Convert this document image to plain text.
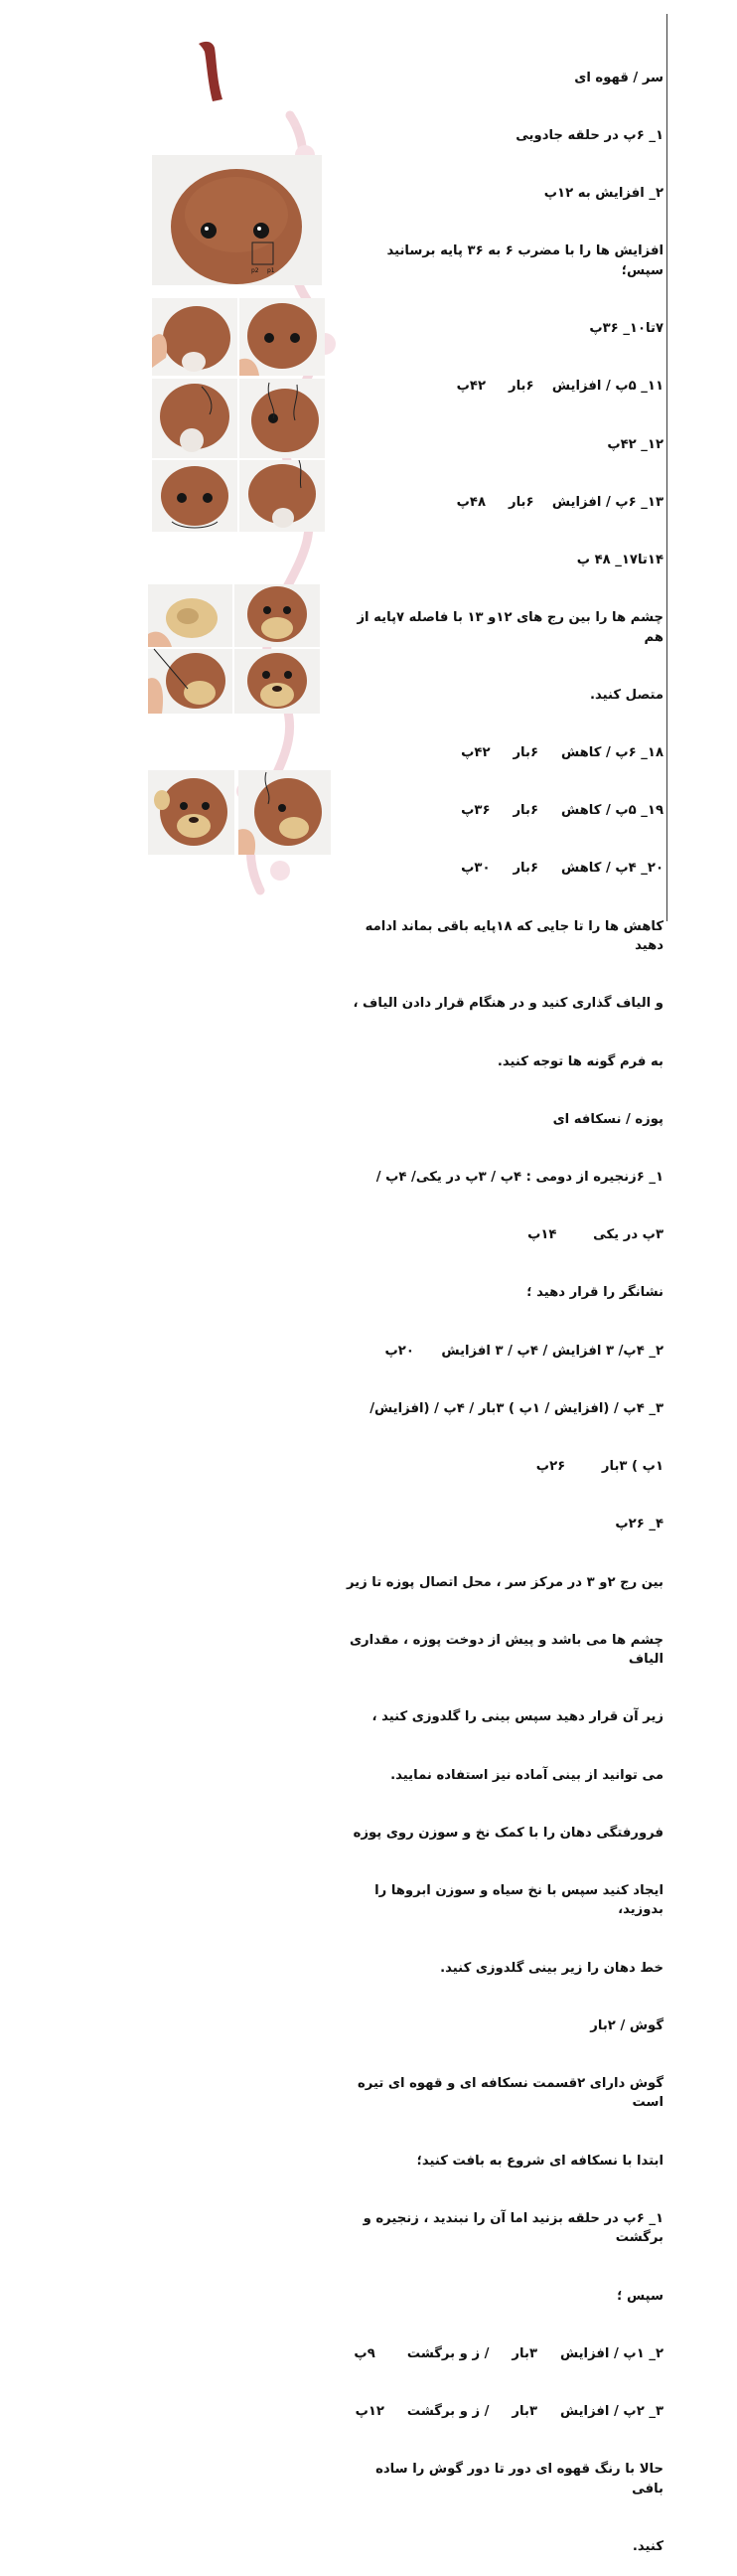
سر / قهوه ای

۱_ ۶پ در حلقه جادویی

۲_ افزایش به ۱۲پ

افزایش ها را با مضرب ۶ به ۳۶ پایه برسانید سپس؛

۷تا۱۰_ ۳۶پ

۱۱_ ۵پ / افزایش    ۶بار     ۴۲پ

۱۲_ ۴۲پ

۱۳_ ۶پ / افزایش    ۶بار     ۴۸پ

۱۴تا۱۷_ ۴۸ پ

چشم ها را بین رج های ۱۲و ۱۳ با فاصله ۷پایه از هم

متصل کنید.

۱۸_ ۶پ / کاهش     ۶بار     ۴۲پ

۱۹_ ۵پ / کاهش     ۶بار     ۳۶پ

۲۰_ ۴پ / کاهش     ۶بار     ۳۰پ

کاهش ها را تا جایی که ۱۸پایه باقی بماند ادامه دهید

و الیاف گذاری کنید و در هنگام قرار دادن الیاف ،

به فرم گونه ها توجه کنید.

پوزه / نسکافه ای

۱_ ۶زنجیره از دومی : ۴پ / ۳پ در یکی/ ۴پ /

۳پ در یکی        ۱۴پ

نشانگر را قرار دهید ؛

۲_ ۴پ/ ۳ افزایش / ۴پ / ۳ افزایش      ۲۰پ

۳_ ۴پ / (افزایش / ۱پ ) ۳بار / ۴پ / (افزایش/

۱پ ) ۳بار        ۲۶پ

۴_ ۲۶پ

بین رج ۲و ۳ در مرکز سر ، محل اتصال پوزه تا زیر

چشم ها می باشد و پیش از دوخت پوزه ، مقداری الیاف

زیر آن قرار دهید سپس بینی را گلدوزی کنید ،

می توانید از بینی آماده نیز استفاده نمایید.

فرورفتگی دهان را با کمک نخ و سوزن روی پوزه

ایجاد کنید سپس با نخ سیاه و سوزن ابروها را بدوزید،

خط دهان را زیر بینی گلدوزی کنید.

گوش / ۲بار

گوش دارای ۲قسمت نسکافه ای و قهوه ای تیره است

ابتدا با نسکافه ای شروع به بافت کنید؛

۱_ ۶پ در حلقه بزنید اما آن را نبندید ، زنجیره و برگشت

سپس ؛

۲_ ۱پ / افزایش     ۳بار     / ز و برگشت       ۹پ

۳_ ۲پ / افزایش     ۳بار     / ز و برگشت     ۱۲پ

حالا با رنگ قهوه ای دور تا دور گوش را ساده بافی

کنید.

p2 p1
